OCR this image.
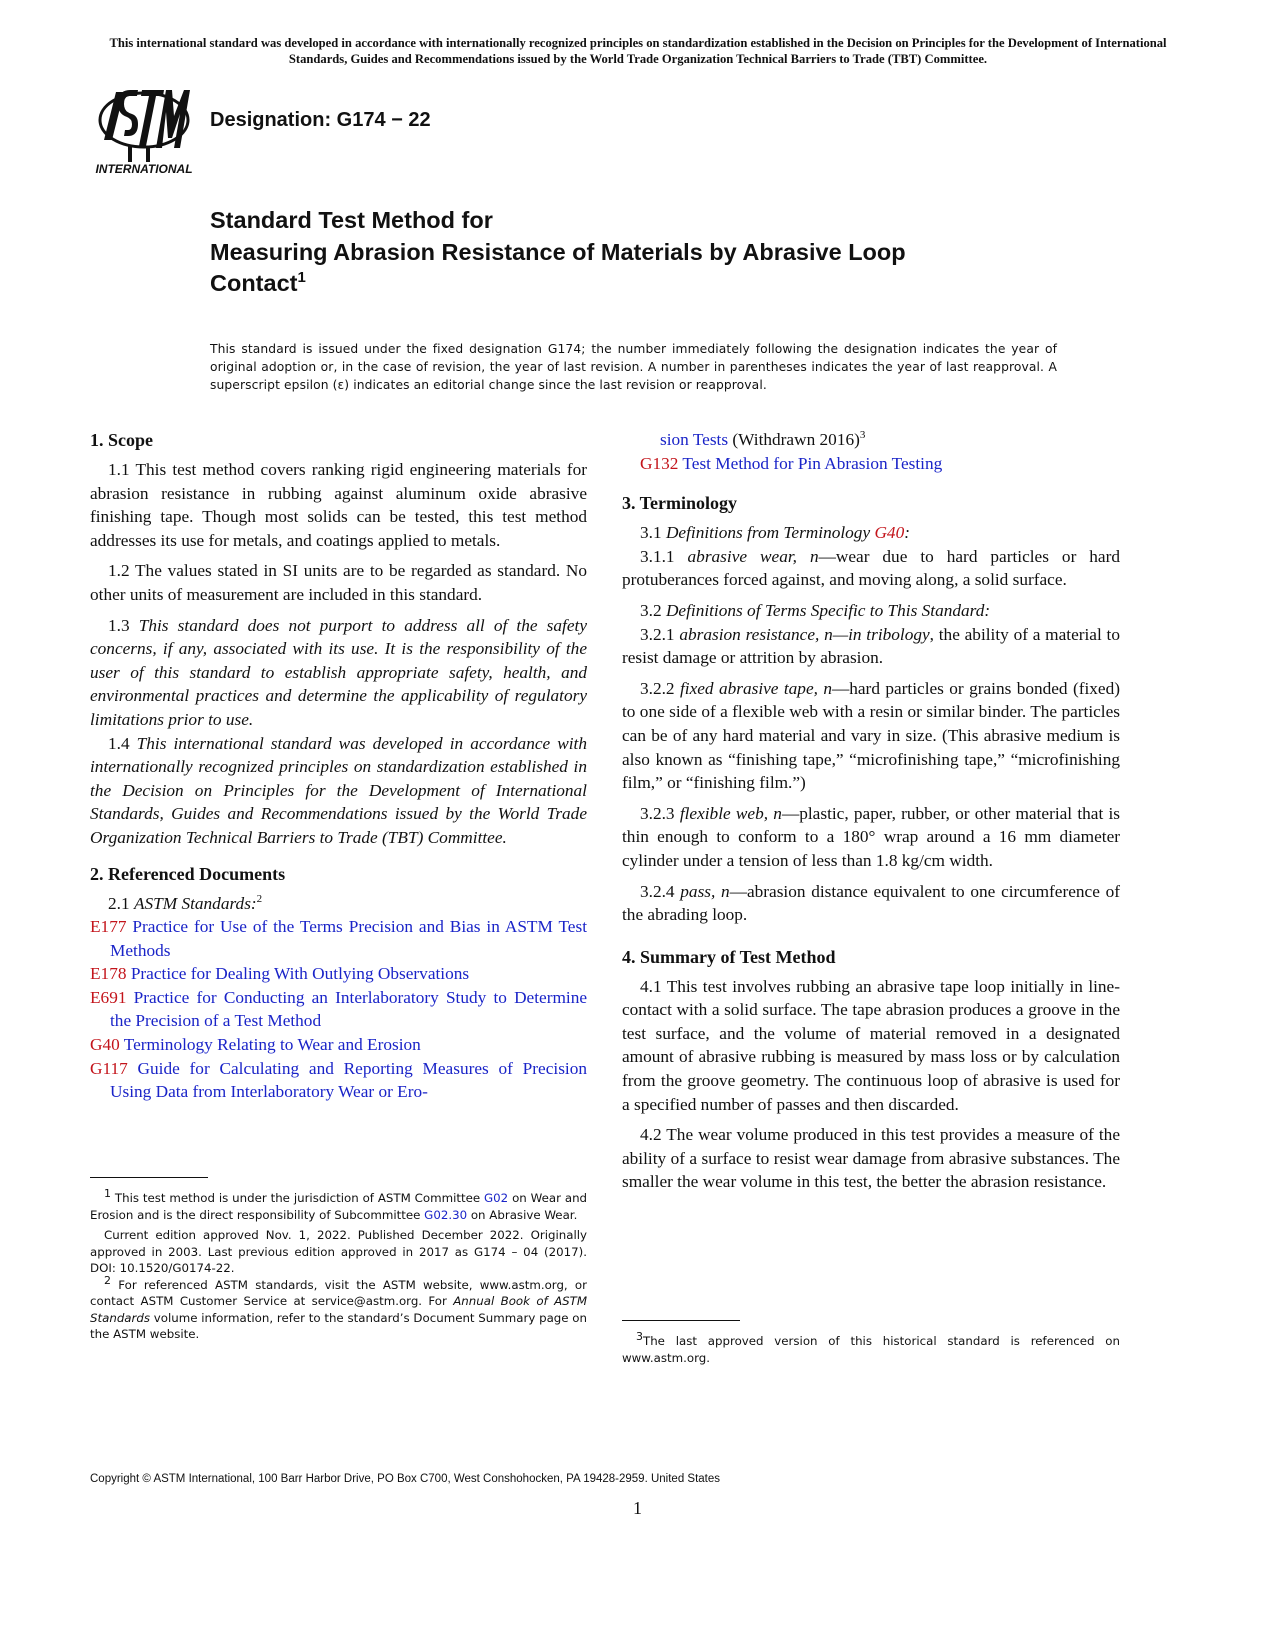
This international standard was developed in accordance with internationally recognized principles on standardization established in the Decision on Principles for the Development of International Standards, Guides and Recommendations issued by the World Trade Organization Technical Barriers to Trade (TBT) Committee.
INTERNATIONAL
Designation: G174 − 22
Standard Test Method for
Measuring Abrasion Resistance of Materials by Abrasive Loop Contact$^1$
This standard is issued under the fixed designation G174; the number immediately following the designation indicates the year of original adoption or, in the case of revision, the year of last revision. A number in parentheses indicates the year of last reapproval. A superscript epsilon (ε) indicates an editorial change since the last revision or reapproval.
1. Scope

1.1 This test method covers ranking rigid engineering materials for abrasion resistance in rubbing against aluminum oxide abrasive finishing tape. Though most solids can be tested, this test method addresses its use for metals, and coatings applied to metals.

1.2 The values stated in SI units are to be regarded as standard. No other units of measurement are included in this standard.

1.3 This standard does not purport to address all of the safety concerns, if any, associated with its use. It is the responsibility of the user of this standard to establish appropriate safety, health, and environmental practices and determine the applicability of regulatory limitations prior to use.

1.4 This international standard was developed in accordance with internationally recognized principles on standardization established in the Decision on Principles for the Development of International Standards, Guides and Recommendations issued by the World Trade Organization Technical Barriers to Trade (TBT) Committee.

2. Referenced Documents

2.1 ASTM Standards:$^2$

E177 Practice for Use of the Terms Precision and Bias in ASTM Test Methods

E178 Practice for Dealing With Outlying Observations

E691 Practice for Conducting an Interlaboratory Study to Determine the Precision of a Test Method

G40 Terminology Relating to Wear and Erosion

G117 Guide for Calculating and Reporting Measures of Precision Using Data from Interlaboratory Wear or Ero-

$^1$ This test method is under the jurisdiction of ASTM Committee G02 on Wear and Erosion and is the direct responsibility of Subcommittee G02.30 on Abrasive Wear.

Current edition approved Nov. 1, 2022. Published December 2022. Originally approved in 2003. Last previous edition approved in 2017 as G174 – 04 (2017). DOI: 10.1520/G0174-22.

$^2$ For referenced ASTM standards, visit the ASTM website, www.astm.org, or contact ASTM Customer Service at service@astm.org. For Annual Book of ASTM Standards volume information, refer to the standard’s Document Summary page on the ASTM website.

sion Tests (Withdrawn 2016)$^3$

G132 Test Method for Pin Abrasion Testing

3. Terminology

3.1 Definitions from Terminology G40:

3.1.1 abrasive wear, n—wear due to hard particles or hard protuberances forced against, and moving along, a solid surface.

3.2 Definitions of Terms Specific to This Standard:

3.2.1 abrasion resistance, n—in tribology, the ability of a material to resist damage or attrition by abrasion.

3.2.2 fixed abrasive tape, n—hard particles or grains bonded (fixed) to one side of a flexible web with a resin or similar binder. The particles can be of any hard material and vary in size. (This abrasive medium is also known as “finishing tape,” “microfinishing tape,” “microfinishing film,” or “finishing film.”)

3.2.3 flexible web, n—plastic, paper, rubber, or other material that is thin enough to conform to a 180° wrap around a 16 mm diameter cylinder under a tension of less than 1.8 kg/cm width.

3.2.4 pass, n—abrasion distance equivalent to one circumference of the abrading loop.

4. Summary of Test Method

4.1 This test involves rubbing an abrasive tape loop initially in line-contact with a solid surface. The tape abrasion produces a groove in the test surface, and the volume of material removed in a designated amount of abrasive rubbing is measured by mass loss or by calculation from the groove geometry. The continuous loop of abrasive is used for a specified number of passes and then discarded.

4.2 The wear volume produced in this test provides a measure of the ability of a surface to resist wear damage from abrasive substances. The smaller the wear volume in this test, the better the abrasion resistance.

$^3$The last approved version of this historical standard is referenced on www.astm.org.

Copyright © ASTM International, 100 Barr Harbor Drive, PO Box C700, West Conshohocken, PA 19428-2959. United States
1
